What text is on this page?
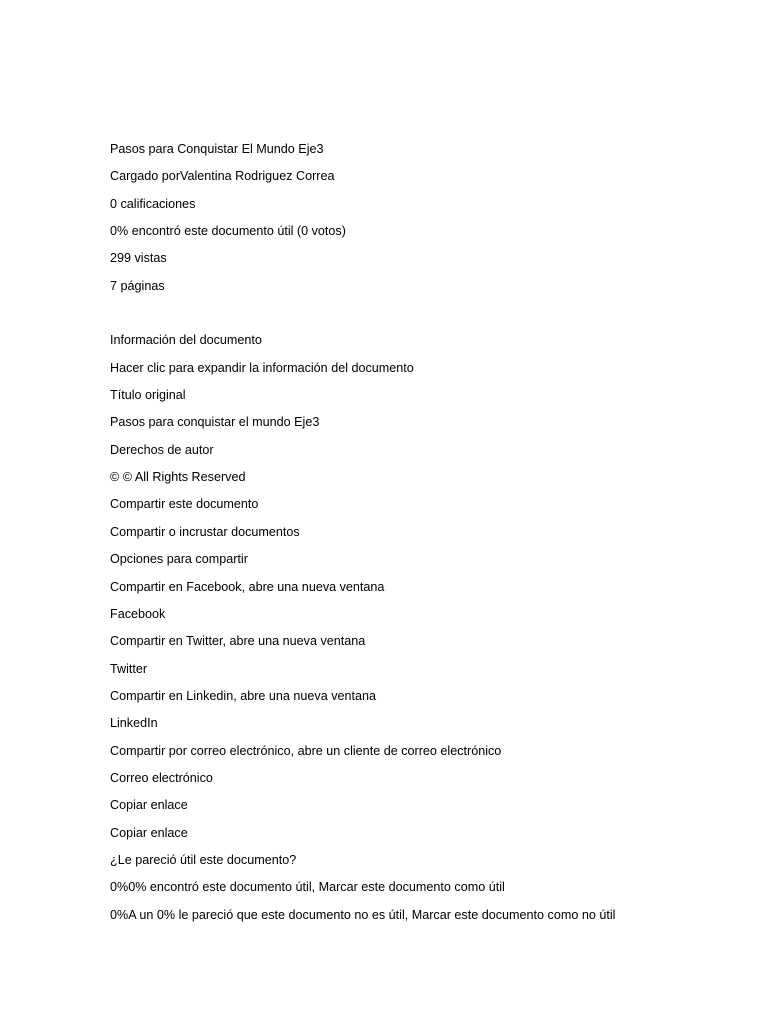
Pasos para Conquistar El Mundo Eje3
Cargado porValentina Rodriguez Correa
0 calificaciones
0% encontró este documento útil (0 votos)
299 vistas
7 páginas
Información del documento
Hacer clic para expandir la información del documento
Título original
Pasos para conquistar el mundo Eje3
Derechos de autor
© © All Rights Reserved
Compartir este documento
Compartir o incrustar documentos
Opciones para compartir
Compartir en Facebook, abre una nueva ventana
Facebook
Compartir en Twitter, abre una nueva ventana
Twitter
Compartir en Linkedin, abre una nueva ventana
LinkedIn
Compartir por correo electrónico, abre un cliente de correo electrónico
Correo electrónico
Copiar enlace
Copiar enlace
¿Le pareció útil este documento?
0%0% encontró este documento útil, Marcar este documento como útil
0%A un 0% le pareció que este documento no es útil, Marcar este documento como no útil
